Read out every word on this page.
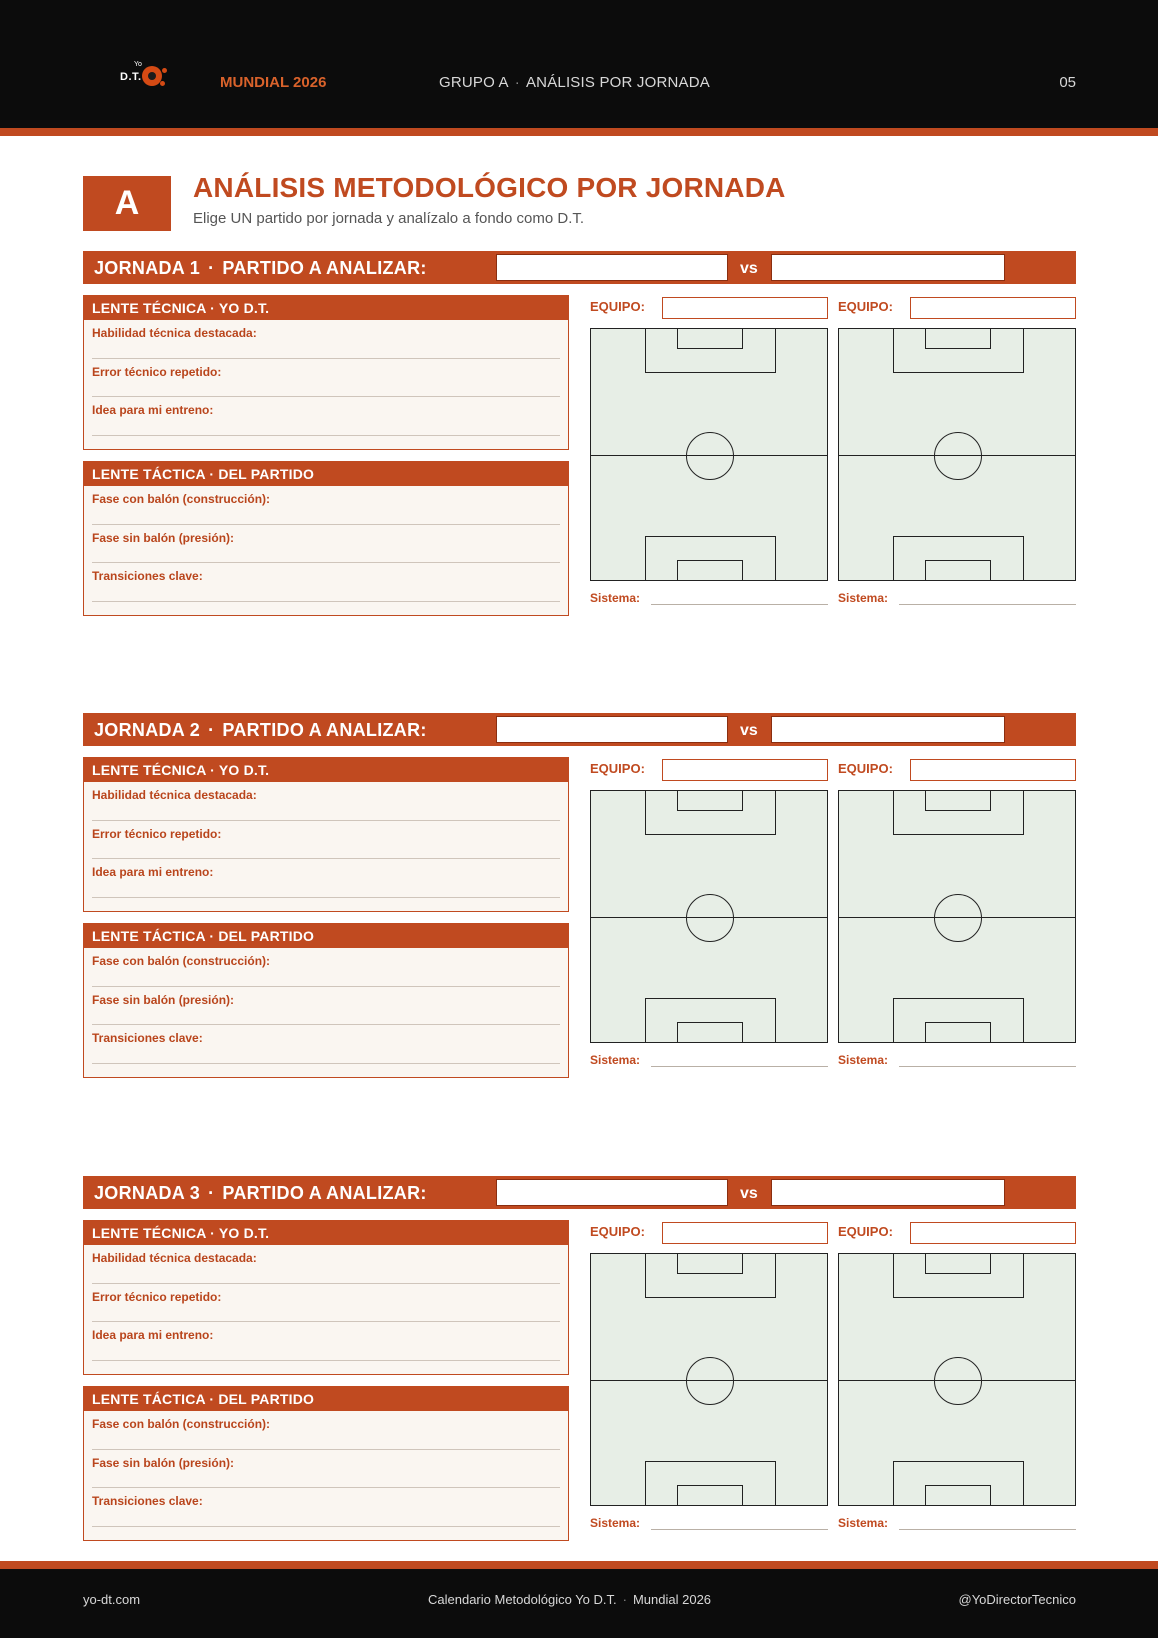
Yo
D.T.	MUNDIAL 2026	GRUPO A · ANÁLISIS POR JORNADA	05
A	ANÁLISIS METODOLÓGICO POR JORNADA
Elige UN partido por jornada y analízalo a fondo como D.T.
JORNADA 1 · PARTIDO A ANALIZAR:	vs
LENTE TÉCNICA · YO D.T.
Habilidad técnica destacada:
Error técnico repetido:
Idea para mi entreno:
LENTE TÁCTICA · DEL PARTIDO
Fase con balón (construcción):
Fase sin balón (presión):
Transiciones clave:
EQUIPO:
Sistema:
EQUIPO:
Sistema:
JORNADA 2 · PARTIDO A ANALIZAR:	vs
LENTE TÉCNICA · YO D.T.
Habilidad técnica destacada:
Error técnico repetido:
Idea para mi entreno:
LENTE TÁCTICA · DEL PARTIDO
Fase con balón (construcción):
Fase sin balón (presión):
Transiciones clave:
EQUIPO:
Sistema:
EQUIPO:
Sistema:
JORNADA 3 · PARTIDO A ANALIZAR:	vs
LENTE TÉCNICA · YO D.T.
Habilidad técnica destacada:
Error técnico repetido:
Idea para mi entreno:
LENTE TÁCTICA · DEL PARTIDO
Fase con balón (construcción):
Fase sin balón (presión):
Transiciones clave:
EQUIPO:
Sistema:
EQUIPO:
Sistema:
yo-dt.com	Calendario Metodológico Yo D.T. · Mundial 2026	@YoDirectorTecnico
